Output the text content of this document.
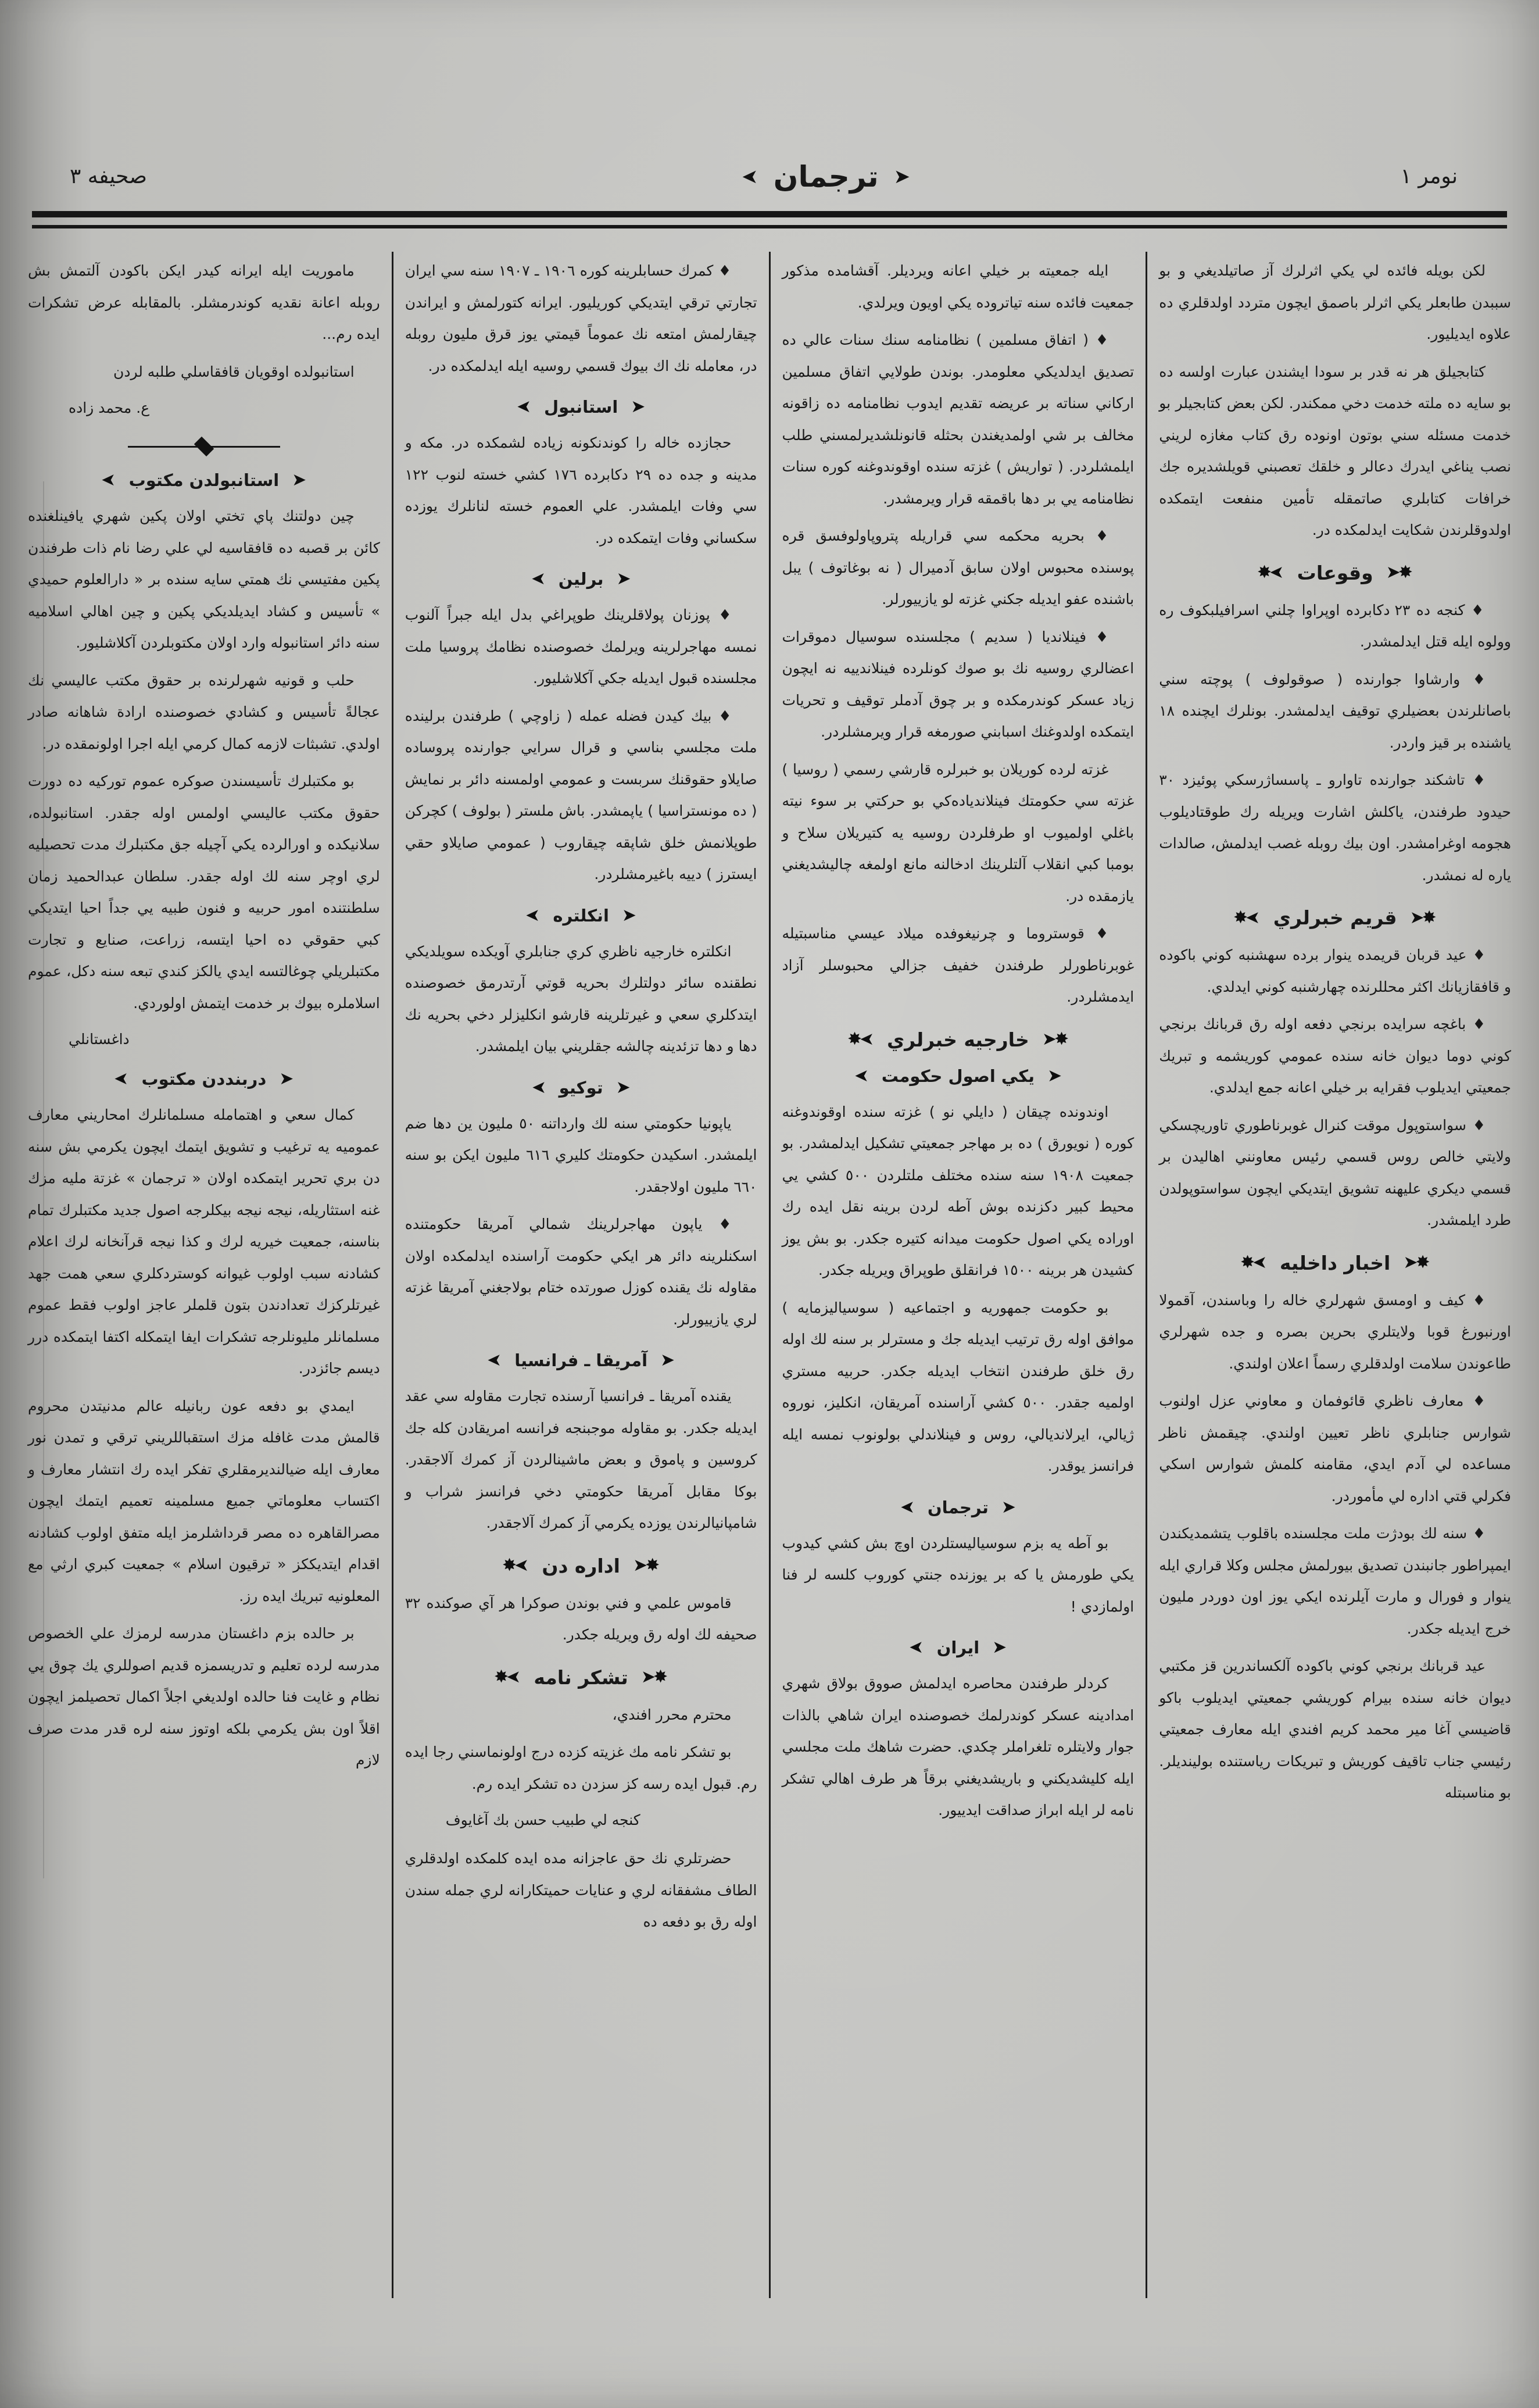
نومر ١
➤
ترجمان
➤
صحيفه ٣

لكن بويله فائده لي يكي اثرلرك آز صاتيلديغي و بو سببدن طابعلر يكي اثرلر باصمق ايچون متردد اولدقلري ده علاوه ايديليور.

كتابجيلق هر نه قدر بر سودا ايشندن عبارت اولسه ده بو سايه ده ملته خدمت دخي ممكندر. لكن بعض كتابجيلر بو خدمت مسئله سني بوتون اونوده رق كتاب مغازه لريني نصب يناغي ايدرك دعالر و خلقك تعصبني قويلشديره جك خرافات كتابلري صاتمقله تأمين منفعت ايتمكده اولدوقلرندن شكايت ايدلمكده در.

✸➤
وقوعات
✸➤

♦ كنجه ده ٢٣ دكابرده اوپراوا چلني اسرافيلبكوف ره وولوه ايله قتل ايدلمشدر.

♦ وارشاوا جوارنده ( صوقولوف ) پوچته سني باصانلرندن بعضيلري توقيف ايدلمشدر. بونلرك ايچنده ١٨ ياشنده بر قيز واردر.

♦ تاشكند جوارنده تاوارو ـ پاسساژرسكي پوئيزد ٣٠ حيدود طرفندن، ياكلش اشارت ويريله رك طوقتاديلوب هجومه اوغرامشدر. اون بيك روبله غصب ايدلمش، صالدات ياره له نمشدر.

✸➤
قريم خبرلري
✸➤

♦ عيد قربان قريمده ينوار برده سهشنبه كوني باكوده و قافقازيانك اكثر محللرنده چهارشنبه كوني ايدلدي.

♦ باغچه سرايده برنجي دفعه اوله رق قربانك برنجي كوني دوما ديوان خانه سنده عمومي كوريشمه و تبريك جمعيتي ايديلوب فقرايه بر خيلي اعانه جمع ايدلدي.

♦ سواستوپول موقت كنرال غوبرناطوري تاوريچسكي ولايتي خالص روس قسمي رئيس معاونني اهاليدن بر قسمي ديكري عليهنه تشويق ايتديكي ايچون سواستوپولدن طرد ايلمشدر.

✸➤
اخبار داخليه
✸➤

♦ كيف و اومسق شهرلري خاله را وباسندن، آقمولا اورنبورغ قوبا ولايتلري بحرين بصره و جده شهرلري طاعوندن سلامت اولدقلري رسماً اعلان اولندي.

♦ معارف ناظري قائوفمان و معاوني عزل اولنوب شوارس جنابلري ناظر تعيين اولندي. چيقمش ناظر مساعده لي آدم ايدي، مقامنه كلمش شوارس اسكي فكرلي قتي اداره لي مأموردر.

♦ سنه لك بودژت ملت مجلسنده باقلوب يتشمديكندن ايمپراطور جانبندن تصديق بيورلمش مجلس وكلا قراري ايله ينوار و فورال و مارت آيلرنده ايكي يوز اون دوردر مليون خرج ايديله جكدر.

عيد قربانك برنجي كوني باكوده آلكساندرين قز مكتبي ديوان خانه سنده بيرام كوريشي جمعيتي ايديلوب باكو قاضيسي آغا مير محمد كريم افندي ايله معارف جمعيتي رئيسي جناب تاقيف كوريش و تبريكات رياستنده بوليندیلر. بو مناسبتله

ايله جمعيته بر خيلي اعانه ويرديلر. آقشامده مذكور جمعيت فائده سنه تياتروده يكي اويون ويرلدي.

♦ ( اتفاق مسلمين ) نظامنامه سنك سنات عالي ده تصديق ايدلديكي معلومدر. بوندن طولايي اتفاق مسلمين اركاني سناته بر عريضه تقديم ايدوب نظامنامه ده زاقونه مخالف بر شي اولمديغندن بحثله قانونلشديرلمسني طلب ايلمشلردر. ( تواريش ) غزته سنده اوقوندوغنه كوره سنات نظامنامه يي بر دها باقمقه قرار ويرمشدر.

♦ بحريه محكمه سي قراريله پتروپاولوفسق قره پوسنده محبوس اولان سابق آدميرال ( نه بوغاتوف ) يبل باشنده عفو ايديله جكني غزته لو يازييورلر.

♦ فينلانديا ( سديم ) مجلسنده سوسيال دموقرات اعضالري روسيه نك بو صوك كونلرده فينلاندييه نه ايچون زياد عسكر كوندرمكده و بر چوق آدملر توقيف و تحريات ايتمكده اولدوغنك اسبابني صورمغه قرار ويرمشلردر.

غزته لرده كوريلان بو خبرلره قارشي رسمي ( روسيا ) غزته سي حكومتك فينلانديادەكي بو حركتي بر سوء نيته باغلي اولميوب او طرفلردن روسيه يه كتيريلان سلاح و بومبا كبي انقلاب آلتلرينك ادخالنه مانع اولمغه چاليشديغني يازمقده در.

♦ قوستروما و چرنيغوفده ميلاد عيسي مناسبتيله غوبرناطورلر طرفندن خفيف جزالي محبوسلر آزاد ايدمشلردر.

✸➤
خارجيه خبرلري
✸➤
➤
يكي اصول حكومت
➤

اوندونده چيقان ( دايلي نو ) غزته سنده اوقوندوغنه كوره ( نويورق ) ده بر مهاجر جمعيتي تشكيل ايدلمشدر. بو جمعيت ١٩٠٨ سنه سنده مختلف ملتلردن ٥٠٠ كشي يي محيط كبير دكزنده بوش آطه لردن برينه نقل ايده رك اوراده يكي اصول حكومت ميدانه كتيره جكدر. بو بش يوز كشيدن هر برينه ١٥٠٠ فرانقلق طوپراق ويريله جكدر.

بو حكومت جمهوريه و اجتماعيه ( سوسياليزمايه ) موافق اوله رق ترتيب ايديله جك و مسترلر بر سنه لك اوله رق خلق طرفندن انتخاب ايديله جكدر. حربيه مستري اولميه جقدر. ٥٠٠ كشي آراسنده آمريقان، انكليز، نوروه ژيالي، ايرلانديالي، روس و فينلاندلي بولونوب نمسه ايله فرانسز يوقدر.

➤
ترجمان
➤

بو آطه يه بزم سوسياليستلردن اوچ بش كشي كيدوب يكي طورمش يا كه بر يوزنده جنتي كوروب كلسه لر فنا اولمازدي !

➤
ايران
➤

كردلر طرفندن محاصره ايدلمش صووق بولاق شهري امدادينه عسكر كوندرلمك خصوصنده ايران شاهي بالذات جوار ولايتلره تلغراملر چكدي. حضرت شاهك ملت مجلسي ايله كليشديكني و باريشديغني برقاً هر طرف اهالي تشكر نامه لر ايله ابراز صداقت ايدييور.

♦ كمرك حسابلرينه كوره ١٩٠٦ ـ ١٩٠٧ سنه سي ايران تجارتي ترقي ايتديكي كوريليور. ايرانه كتورلمش و ايراندن چيقارلمش امتعه نك عموماً قيمتي يوز قرق مليون روبله در، معامله نك اك بيوك قسمي روسيه ايله ايدلمكده در.

➤
استانبول
➤

حجازده خاله را كوندنكونه زياده لشمكده در. مكه و مدينه و جده ده ٢٩ دكابرده ١٧٦ كشي خسته لنوب ١٢٢ سي وفات ايلمشدر. علي العموم خسته لنانلرك يوزده سكساني وفات ايتمكده در.

➤
برلين
➤

♦ پوزنان پولاقلرينك طوپراغي بدل ايله جبراً آلنوب نمسه مهاجرلرينه ويرلمك خصوصنده نظامك پروسيا ملت مجلسنده قبول ايديله جكي آكلاشليور.

♦ بيك كيدن فضله عمله ( زاوچي ) طرفندن برلينده ملت مجلسي بناسي و قرال سرايي جوارنده پروساده صايلاو حقوقنك سربست و عمومي اولمسنه دائر بر نمايش ( ده مونستراسيا ) ياپمشدر. باش ملستر ( بولوف ) كچركن طوپلانمش خلق شاپقه چيقاروب ( عمومي صايلاو حقي ايسترز ) دييه باغيرمشلردر.

➤
انكلتره
➤

انكلتره خارجيه ناظري كري جنابلري آويكده سويلديكي نطقنده سائر دولتلرك بحريه قوتي آرتدرمق خصوصنده ايتدكلري سعي و غيرتلرينه قارشو انكليزلر دخي بحريه نك دها و دها تزئدينه چالشه جقلريني بيان ايلمشدر.

➤
توكيو
➤

ياپونيا حكومتي سنه لك وارداتنه ٥٠ مليون ين دها ضم ايلمشدر. اسكيدن حكومتك كليري ٦١٦ مليون ايكن بو سنه ٦٦٠ مليون اولاجقدر.

♦ ياپون مهاجرلرينك شمالي آمريقا حكومتنده اسكنلرينه دائر هر ايكي حكومت آراسنده ايدلمكده اولان مقاوله نك يقنده كوزل صورتده ختام بولاجغني آمريقا غزته لري يازييورلر.

➤
آمريقا ـ فرانسيا
➤

يقنده آمريقا ـ فرانسيا آرسنده تجارت مقاوله سي عقد ايديله جكدر. بو مقاوله موجبنجه فرانسه امريقادن كله جك كروسين و پاموق و بعض ماشينالردن آز كمرك آلاجقدر. بوكا مقابل آمريقا حكومتي دخي فرانسز شراب و شامپانيالرندن يوزده يكرمي آز كمرك آلاجقدر.

✸➤
اداره دن
✸➤

قاموس علمي و فني بوندن صوكرا هر آي صوكنده ٣٢ صحيفه لك اوله رق ويريله جكدر.

✸➤
تشكر نامه
✸➤

محترم محرر افندي،

بو تشكر نامه مك غزيته كزده درج اولونماسني رجا ايده رم. قبول ايده رسه كز سزدن ده تشكر ايده رم.

كنجه لي طبيب حسن بك آغايوف

حضرتلري نك حق عاجزانه مده ايده كلمكده اولدقلري الطاف مشفقانه لري و عنايات حميتكارانه لري جمله سندن اوله رق بو دفعه ده

ماموريت ايله ايرانه كيدر ايكن باكودن آلتمش بش روبله اعانة نقديه كوندرمشلر. بالمقابله عرض تشكرات ايده رم...

استانبولده اوقويان قافقاسلي طلبه لردن

ع. محمد زاده

➤
استانبولدن مكتوب
➤

چين دولتنك پاي تختي اولان پكين شهري يافينلغنده كائن بر قصبه ده قافقاسيه لي علي رضا نام ذات طرفندن پكين مفتيسي نك همتي سايه سنده بر « دارالعلوم حميدي » تأسيس و كشاد ايديلديكي پكين و چين اهالي اسلاميه سنه دائر استانبوله وارد اولان مكتوبلردن آكلاشليور.

حلب و قونيه شهرلرنده بر حقوق مكتب عاليسي نك عجالةً تأسيس و كشادي خصوصنده ارادة شاهانه صادر اولدي. تشبثات لازمه كمال كرمي ايله اجرا اولونمقده در.

بو مكتبلرك تأسيسندن صوكره عموم توركيه ده دورت حقوق مكتب عاليسي اولمس اوله جقدر. استانبولده، سلانيكده و اورالرده يكي آچيله جق مكتبلرك مدت تحصيليه لري اوچر سنه لك اوله جقدر. سلطان عبدالحميد زمان سلطنتنده امور حربيه و فنون طبيه يي جداً احيا ايتديكي كبي حقوقي ده احيا ايتسه، زراعت، صنايع و تجارت مكتبلريلي چوغالتسه ايدي يالكز كندي تبعه سنه دكل، عموم اسلاملره بيوك بر خدمت ايتمش اولوردي.

داغستانلي

➤
دربنددن مكتوب
➤

كمال سعي و اهتمامله مسلمانلرك امحاريني معارف عموميه يه ترغيب و تشويق ايتمك ايچون يكرمي بش سنه دن بري تحرير ايتمكده اولان « ترجمان » غزتة مليه مزك غنه استثاريله، نيجه نيجه بيكلرجه اصول جديد مكتبلرك تمام بناسنه، جمعيت خيريه لرك و كذا نيجه قرآنخانه لرك اعلام كشادنه سبب اولوب غيوانه كوستردكلري سعي همت جهد غيرتلركزك تعدادندن بتون قلملر عاجز اولوب فقط عموم مسلمانلر مليونلرجه تشكرات ايفا ايتمكله اكتفا ايتمكده درر ديسم جائزدر.

ايمدي بو دفعه عون ربانيله عالم مدنيتدن محروم قالمش مدت غافله مزك استقباللريني ترقي و تمدن نور معارف ايله ضيالنديرمقلري تفكر ايده رك انتشار معارف و اكتساب معلوماتي جميع مسلمينه تعميم ايتمك ايچون مصرالقاهره ده مصر قرداشلرمز ايله متفق اولوب كشادنه اقدام ايتديككز « ترقيون اسلام » جمعيت كبري ارثي مع المعلونيه تبريك ايده رز.

بر حالده بزم داغستان مدرسه لرمزك علي الخصوص مدرسه لرده تعليم و تدريسمزه قديم اصوللري يك چوق يي نظام و غايت فنا حالده اولديغي اجلاً اكمال تحصيلمز ايچون اقلاً اون بش يكرمي بلكه اوتوز سنه لره قدر مدت صرف لازم
